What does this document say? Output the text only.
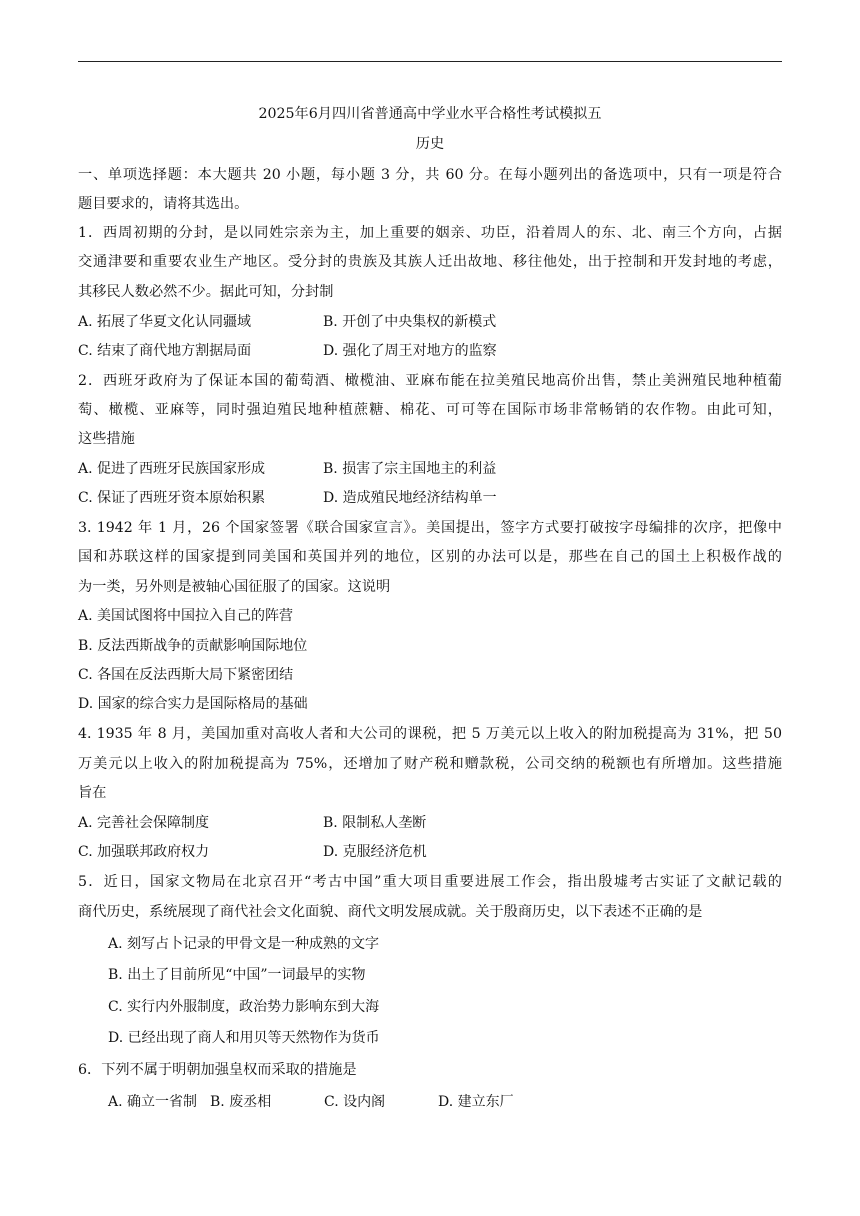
2025年6月四川省普通高中学业水平合格性考试模拟五
历史
一、单项选择题：本大题共 20 小题，每小题 3 分，共 60 分。在每小题列出的备选项中，只有一项是符合
题目要求的，请将其选出。
1．西周初期的分封，是以同姓宗亲为主，加上重要的姻亲、功臣，沿着周人的东、北、南三个方向，占据
交通津要和重要农业生产地区。受分封的贵族及其族人迁出故地、移往他处，出于控制和开发封地的考虑，
其移民人数必然不少。据此可知，分封制
A. 拓展了华夏文化认同疆域	B. 开创了中央集权的新模式
C. 结束了商代地方割据局面	D. 强化了周王对地方的监察
2．西班牙政府为了保证本国的葡萄酒、橄榄油、亚麻布能在拉美殖民地高价出售，禁止美洲殖民地种植葡
萄、橄榄、亚麻等，同时强迫殖民地种植蔗糖、棉花、可可等在国际市场非常畅销的农作物。由此可知，
这些措施
A. 促进了西班牙民族国家形成	B. 损害了宗主国地主的利益
C. 保证了西班牙资本原始积累	D. 造成殖民地经济结构单一
3. 1942 年 1 月，26 个国家签署《联合国家宣言》。美国提出，签字方式要打破按字母编排的次序，把像中
国和苏联这样的国家提到同美国和英国并列的地位，区别的办法可以是，那些在自己的国土上积极作战的
为一类，另外则是被轴心国征服了的国家。这说明
A. 美国试图将中国拉入自己的阵营
B. 反法西斯战争的贡献影响国际地位
C. 各国在反法西斯大局下紧密团结
D. 国家的综合实力是国际格局的基础
4. 1935 年 8 月，美国加重对高收人者和大公司的课税，把 5 万美元以上收入的附加税提高为 31%，把 50
万美元以上收入的附加税提高为 75%，还增加了财产税和赠款税，公司交纳的税额也有所增加。这些措施
旨在
A. 完善社会保障制度	B. 限制私人垄断
C. 加强联邦政府权力	D. 克服经济危机
5．近日，国家文物局在北京召开“考古中国”重大项目重要进展工作会，指出殷墟考古实证了文献记载的
商代历史，系统展现了商代社会文化面貌、商代文明发展成就。关于殷商历史，以下表述不正确的是
A. 刻写占卜记录的甲骨文是一种成熟的文字
B. 出土了目前所见“中国”一词最早的实物
C. 实行内外服制度，政治势力影响东到大海
D. 已经出现了商人和用贝等天然物作为货币
6．下列不属于明朝加强皇权而采取的措施是
A. 确立一省制 B. 废丞相	C. 设内阁	D. 建立东厂
